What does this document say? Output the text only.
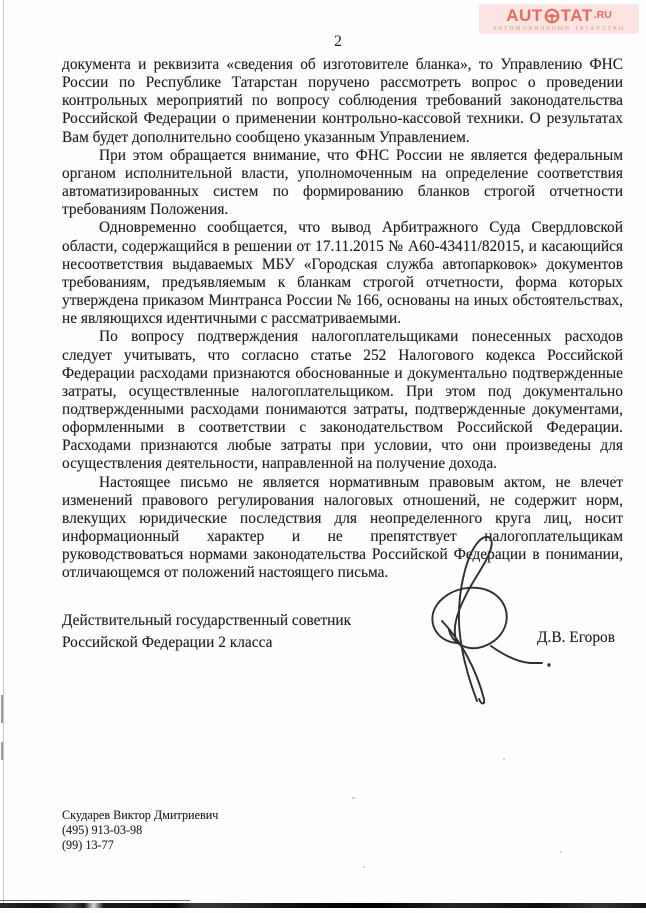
AUT TAT .RU
АВТОМОБИЛЬНЫЙ ТАТАРСТАН
2

документа и реквизита «сведения об изготовителе бланка», то Управлению ФНС России по Республике Татарстан поручено рассмотреть вопрос о проведении контрольных мероприятий по вопросу соблюдения требований законодательства Российской Федерации о применении контрольно-кассовой техники. О результатах Вам будет дополнительно сообщено указанным Управлением.

При этом обращается внимание, что ФНС России не является федеральным органом исполнительной власти, уполномоченным на определение соответствия автоматизированных систем по формированию бланков строгой отчетности требованиям Положения.

Одновременно сообщается, что вывод Арбитражного Суда Свердловской области, содержащийся в решении от 17.11.2015 № А60-43411/82015, и касающийся несоответствия выдаваемых МБУ «Городская служба автопарковок» документов требованиям, предъявляемым к бланкам строгой отчетности, форма которых утверждена приказом Минтранса России № 166, основаны на иных обстоятельствах, не являющихся идентичными с рассматриваемыми.

По вопросу подтверждения налогоплательщиками понесенных расходов следует учитывать, что согласно статье 252 Налогового кодекса Российской Федерации расходами признаются обоснованные и документально подтвержденные затраты, осуществленные налогоплательщиком. При этом под документально подтвержденными расходами понимаются затраты, подтвержденные документами, оформленными в соответствии с законодательством Российской Федерации. Расходами признаются любые затраты при условии, что они произведены для осуществления деятельности, направленной на получение дохода.

Настоящее письмо не является нормативным правовым актом, не влечет изменений правового регулирования налоговых отношений, не содержит норм, влекущих юридические последствия для неопределенного круга лиц, носит информационный характер и не препятствует налогоплательщикам руководствоваться нормами законодательства Российской Федерации в понимании, отличающемся от положений настоящего письма.

Действительный государственный советник
Российской Федерации 2 класса	Д.В. Егоров
Скударев Виктор Дмитриевич
(495) 913-03-98
(99) 13-77
